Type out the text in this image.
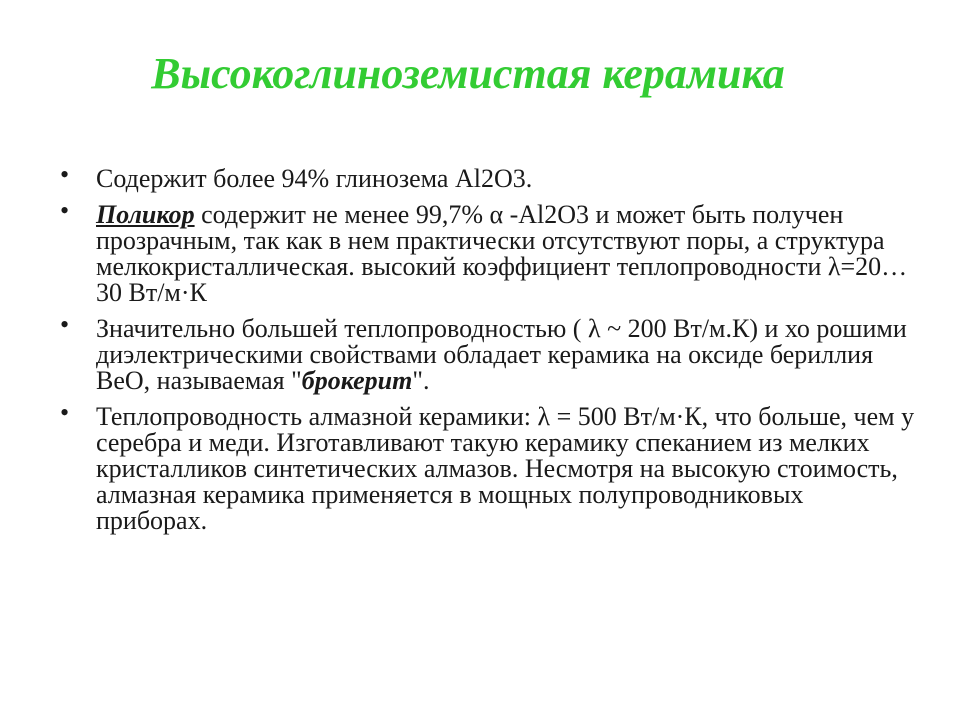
Высокоглиноземистая керамика
• Содержит более 94% глинозема Al2O3.
• Поликор содержит не менее 99,7% α -Al2O3 и может быть получен прозрачным, так как в нем практически отсутствуют поры, а структура мелкокристаллическая. высокий коэффициент теплопроводности λ=20…30 Вт/м·К
• Значительно большей теплопроводностью ( λ ~ 200 Вт/м.К) и хо рошими диэлектрическими свойствами обладает керамика на оксиде бериллия BeO, называемая "брокерит".
• Теплопроводность алмазной керамики: λ = 500 Вт/м·К, что больше, чем у серебра и меди. Изготавливают такую керамику спеканием из мелких кристалликов синтетических алмазов. Несмотря на высокую стоимость, алмазная керамика применяется в мощных полупроводниковых приборах.
